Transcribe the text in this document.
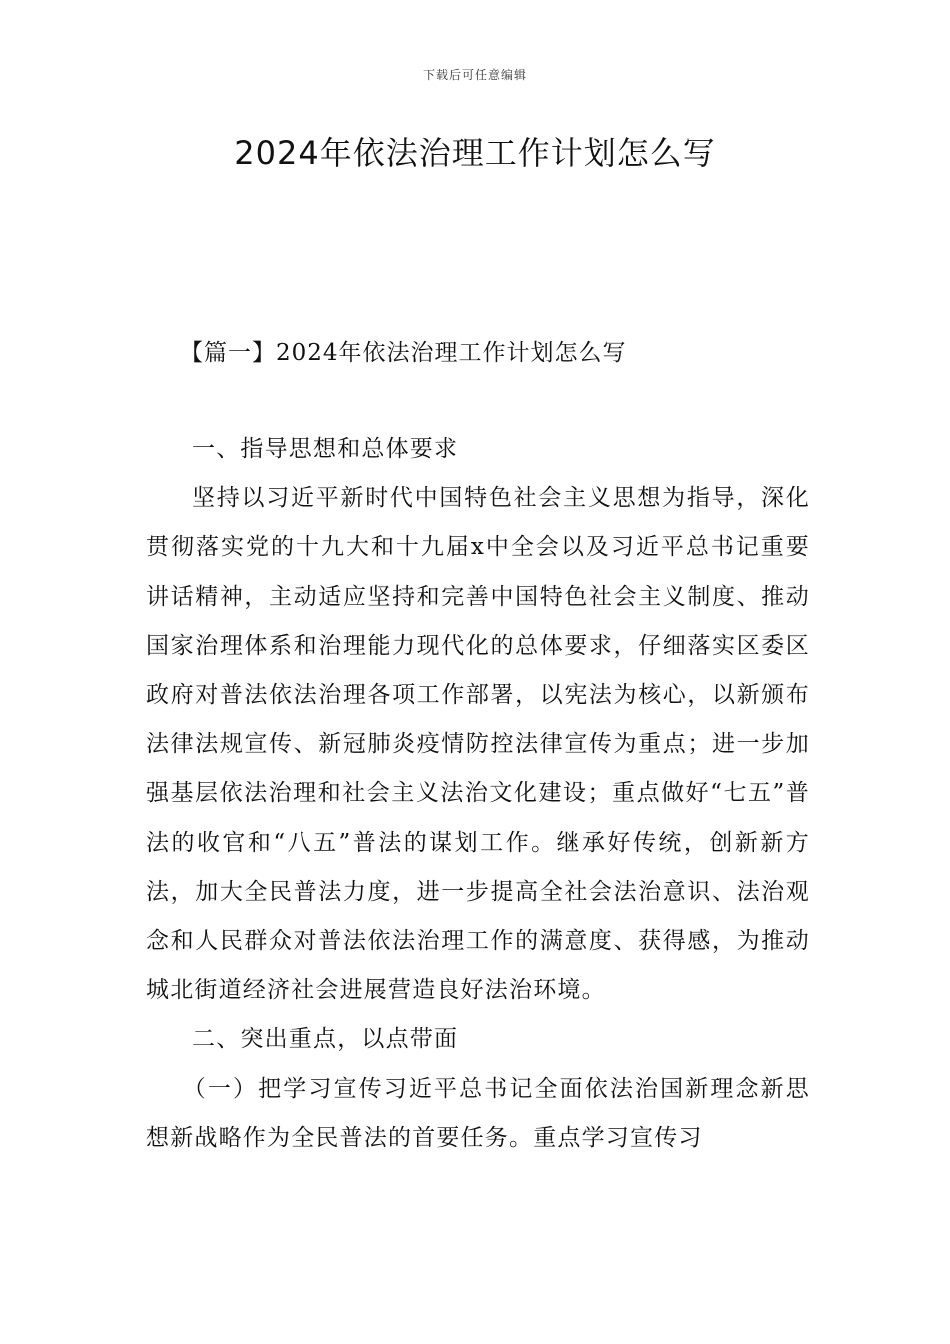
下载后可任意编辑
2024年依法治理工作计划怎么写
【篇一】2024年依法治理工作计划怎么写

一、指导思想和总体要求

坚持以习近平新时代中国特色社会主义思想为指导，深化贯彻落实党的十九大和十九届x中全会以及习近平总书记重要讲话精神，主动适应坚持和完善中国特色社会主义制度、推动国家治理体系和治理能力现代化的总体要求，仔细落实区委区政府对普法依法治理各项工作部署，以宪法为核心，以新颁布法律法规宣传、新冠肺炎疫情防控法律宣传为重点；进一步加强基层依法治理和社会主义法治文化建设；重点做好“七五”普法的收官和“八五”普法的谋划工作。继承好传统，创新新方法，加大全民普法力度，进一步提高全社会法治意识、法治观念和人民群众对普法依法治理工作的满意度、获得感，为推动城北街道经济社会进展营造良好法治环境。

二、突出重点，以点带面

（一）把学习宣传习近平总书记全面依法治国新理念新思想新战略作为全民普法的首要任务。重点学习宣传习
